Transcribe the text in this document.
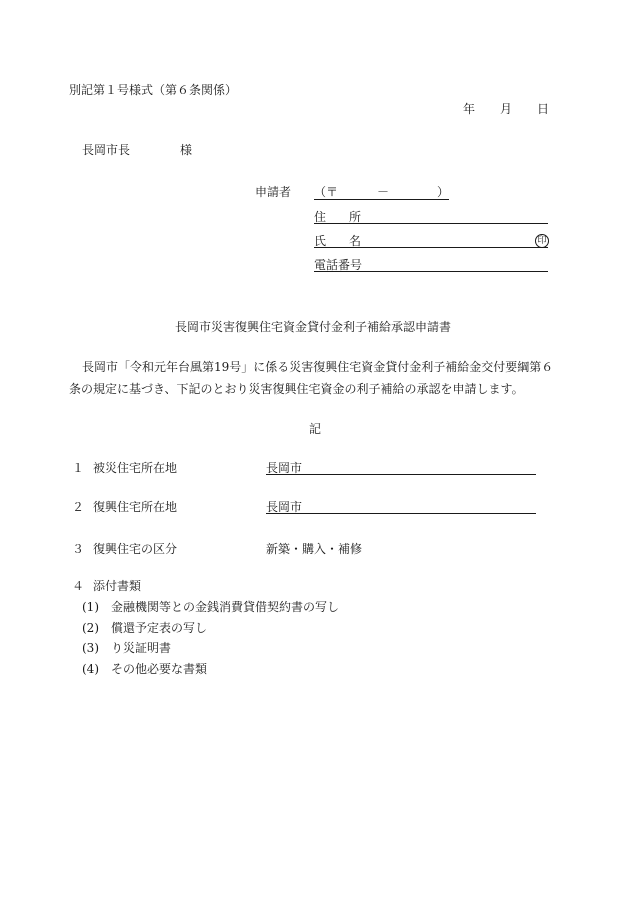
別記第１号様式（第６条関係）
年 月 日
長岡市長	様
申請者 （〒	－	）
住 所
氏 名	印
電話番号
長岡市災害復興住宅資金貸付金利子補給承認申請書
長岡市「令和元年台風第19号」に係る災害復興住宅資金貸付金利子補給金交付要綱第６
条の規定に基づき、下記のとおり災害復興住宅資金の利子補給の承認を申請します。
記
１ 被災住宅所在地	長岡市
２ 復興住宅所在地	長岡市
３ 復興住宅の区分	新築・購入・補修
４ 添付書類
(1) 金融機関等との金銭消費貸借契約書の写し
(2) 償還予定表の写し
(3) り災証明書
(4) その他必要な書類
